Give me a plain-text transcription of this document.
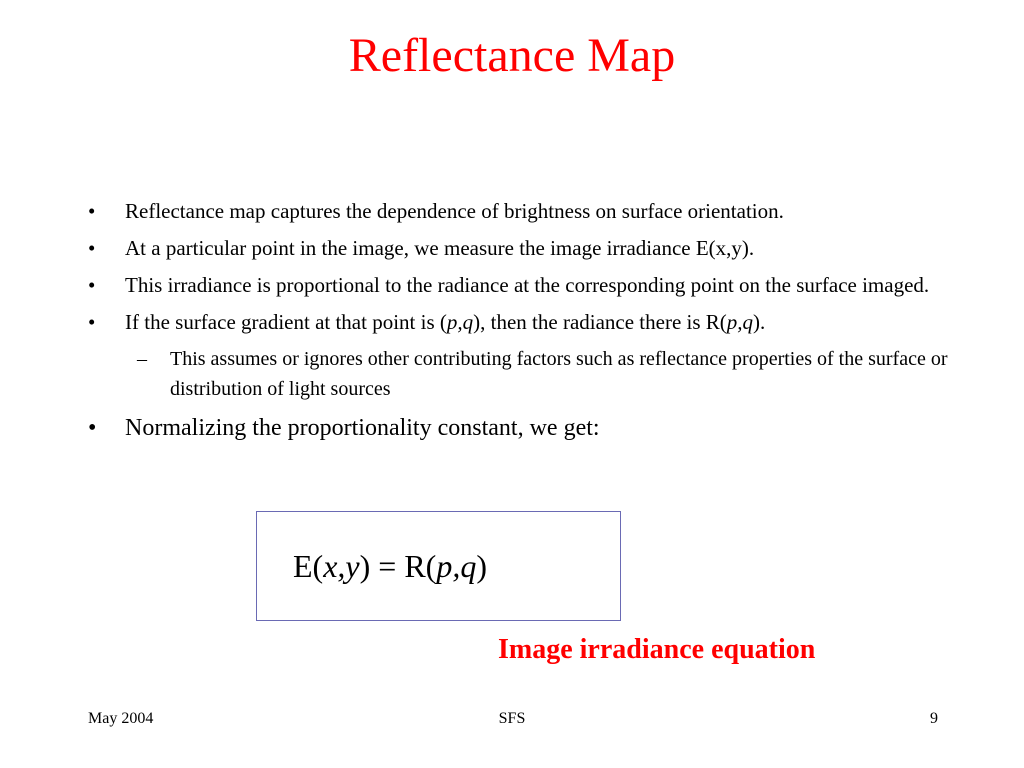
Reflectance Map
• Reflectance map captures the dependence of brightness on surface orientation.
• At a particular point in the image, we measure the image irradiance E(x,y).
• This irradiance is proportional to the radiance at the corresponding point on the surface imaged.
• If the surface gradient at that point is (p,q), then the radiance there is R(p,q).
– This assumes or ignores other contributing factors such as reflectance properties of the surface or distribution of light sources
• Normalizing the proportionality constant, we get:
E(x,y) = R(p,q)
Image irradiance equation
May 2004	SFS	9
